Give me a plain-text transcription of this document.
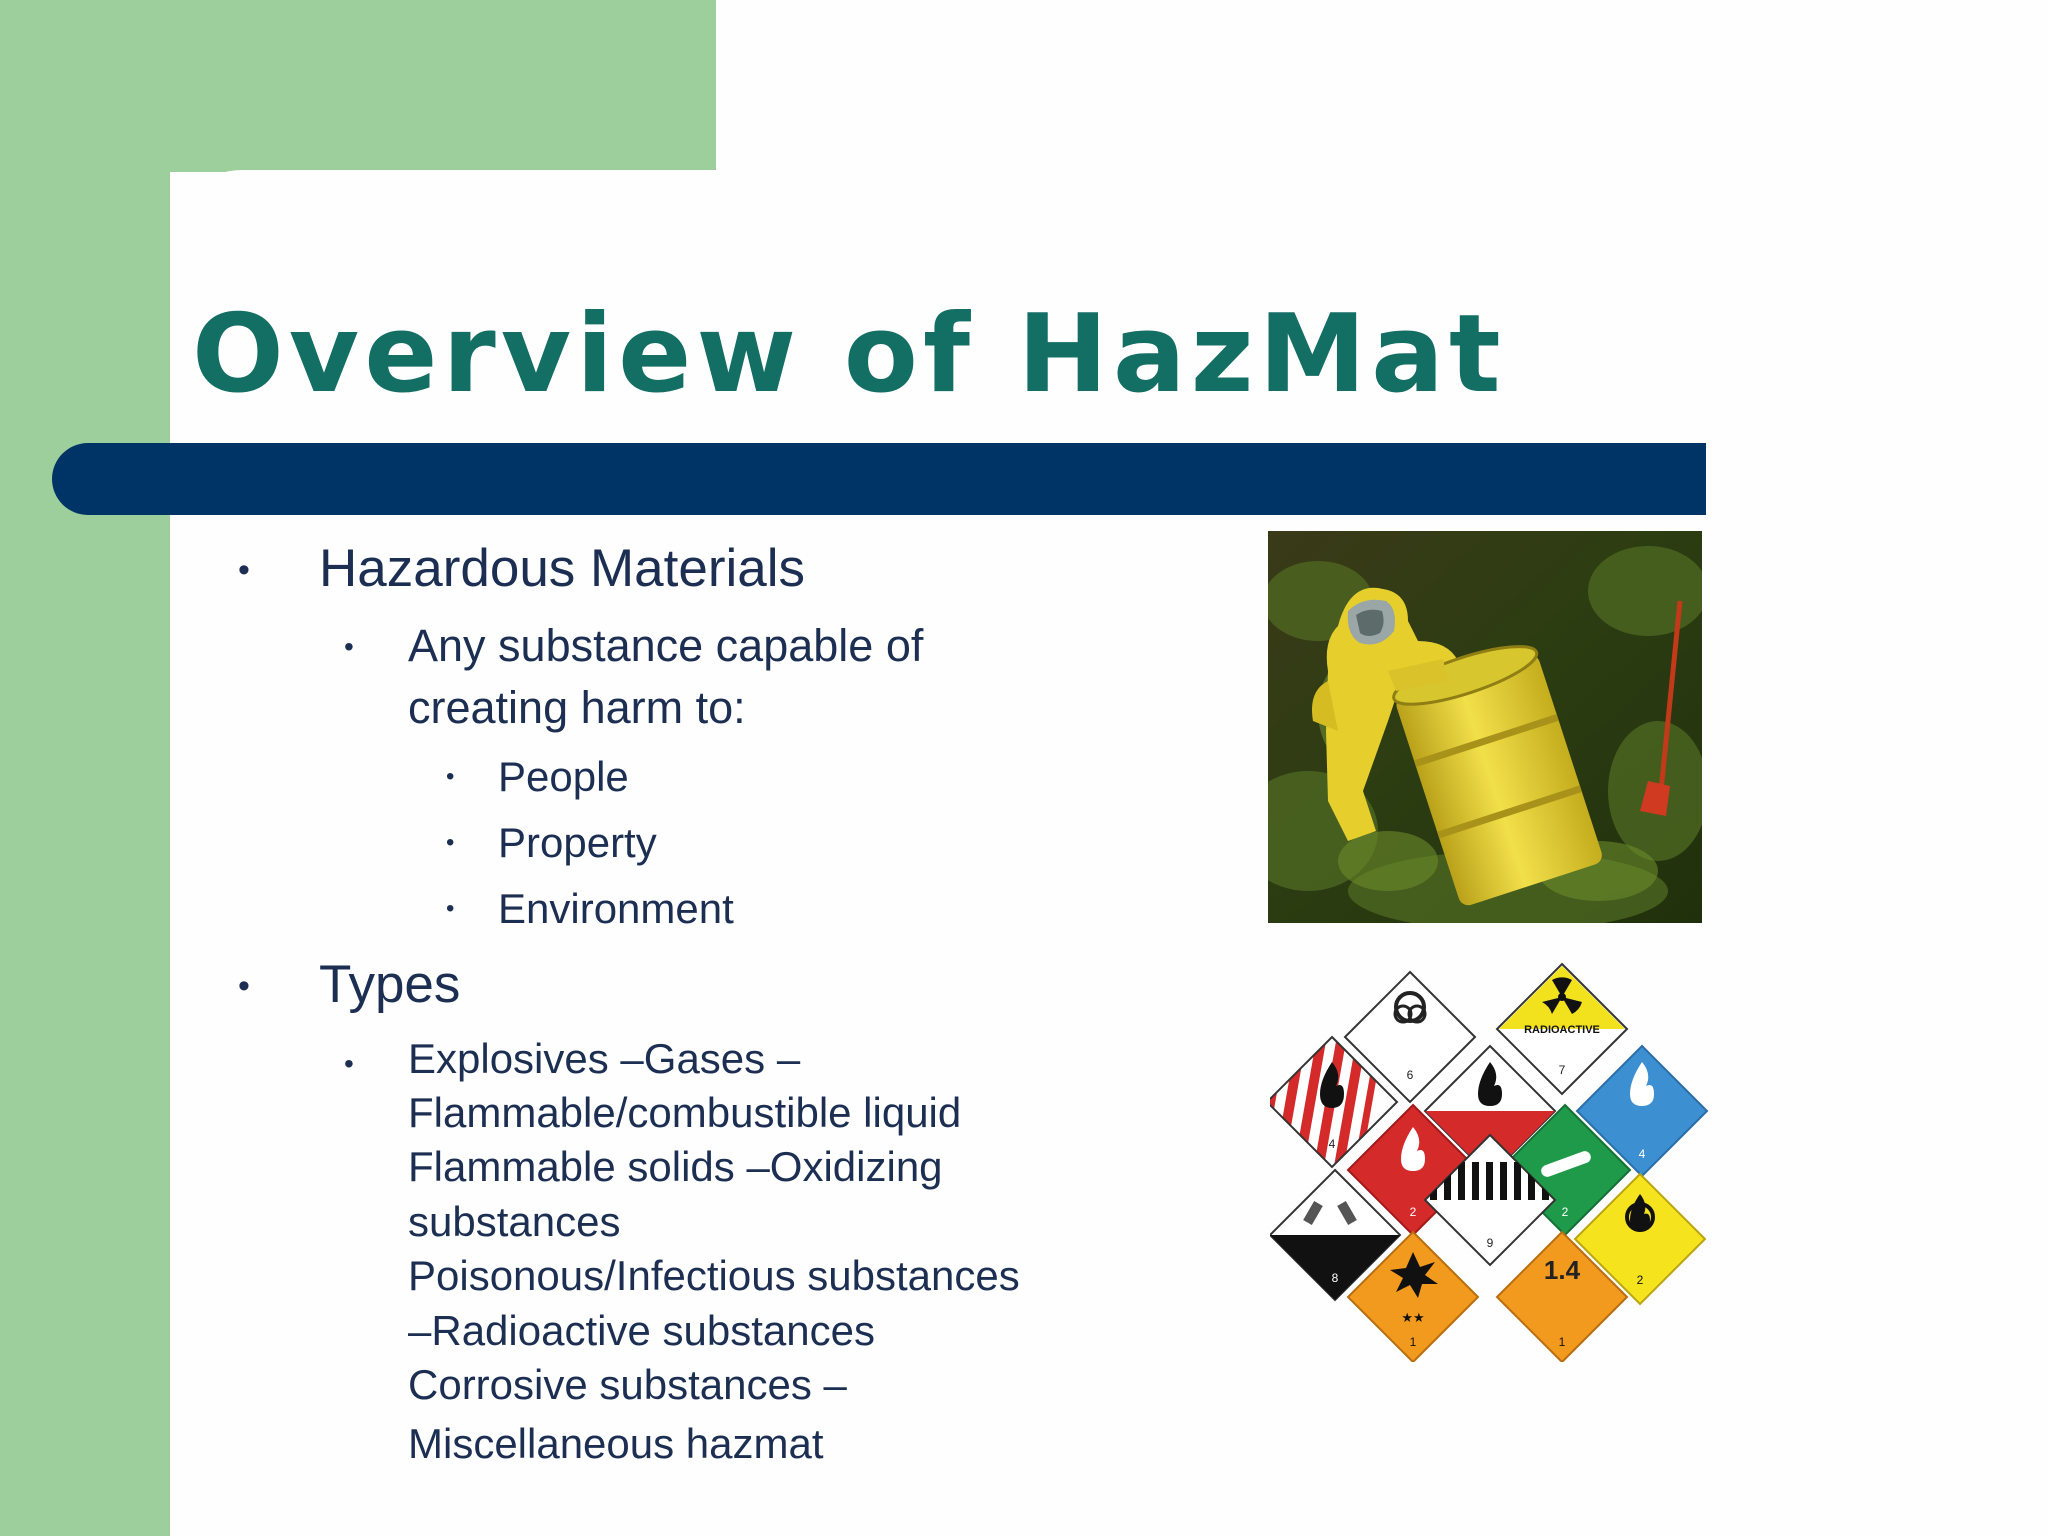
Overview of HazMat
• Hazardous Materials
• Any substance capable of
creating harm to:
• People
• Property
• Environment
• Types
• Explosives –Gases –
Flammable/combustible liquid
Flammable solids –Oxidizing
substances
Poisonous/Infectious substances
–Radioactive substances
Corrosive substances –
Miscellaneous hazmat
6
RADIOACTIVE
7
4
4
2	2
8
9
2
★★
1
1.4
1
